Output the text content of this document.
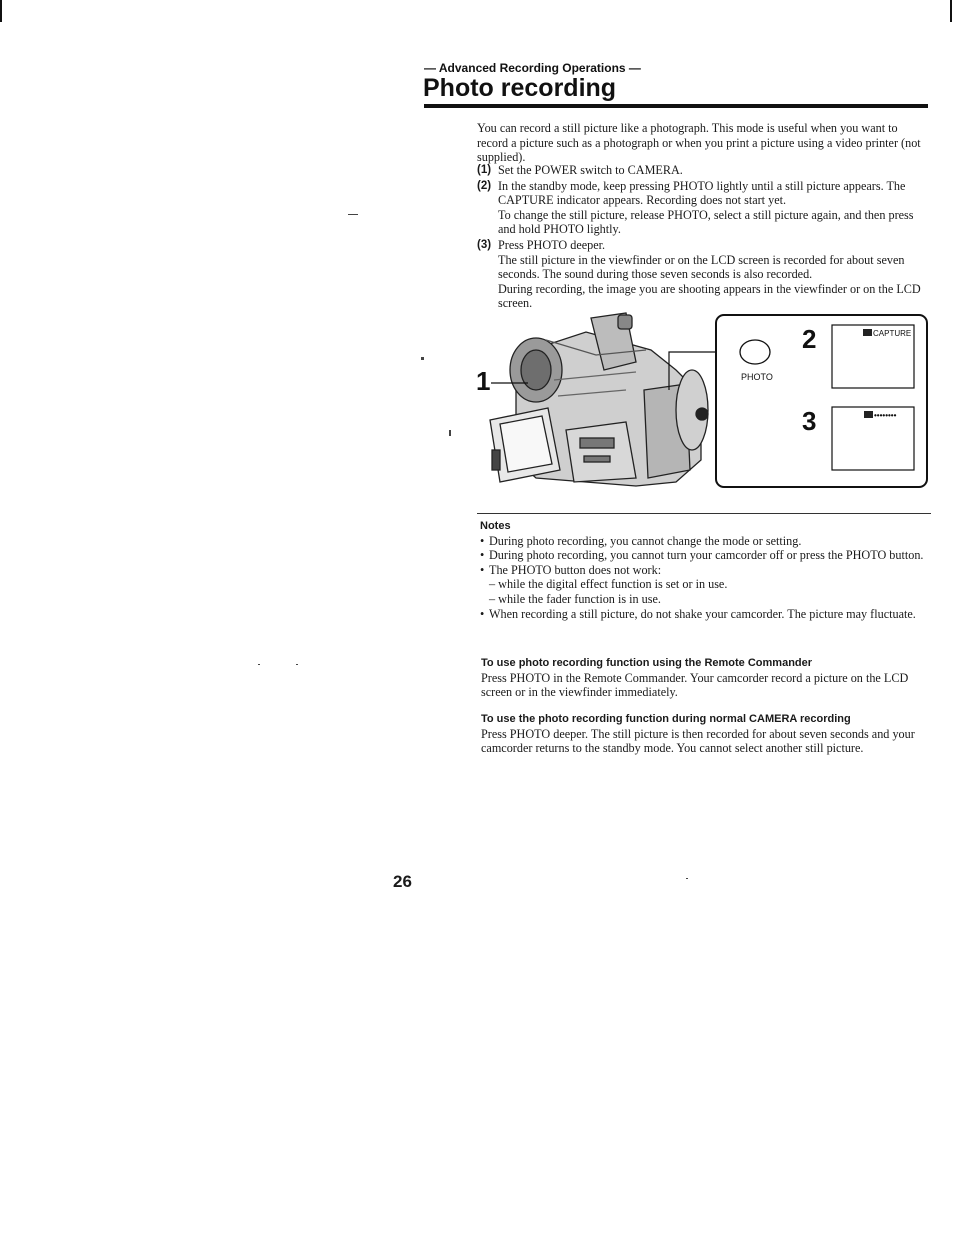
— Advanced Recording Operations —
Photo recording

You can record a still picture like a photograph. This mode is useful when you want to record a picture such as a photograph or when you print a picture using a video printer (not supplied).

(1) Set the POWER switch to CAMERA.

(2) In the standby mode, keep pressing PHOTO lightly until a still picture appears. The CAPTURE indicator appears. Recording does not start yet.

To change the still picture, release PHOTO, select a still picture again, and then press and hold PHOTO lightly.

(3) Press PHOTO deeper.

The still picture in the viewfinder or on the LCD screen is recorded for about seven seconds. The sound during those seven seconds is also recorded.

During recording, the image you are shooting appears in the viewfinder or on the LCD screen.

1	PHOTO
2	CAPTURE
3	••••••••

Notes

• During photo recording, you cannot change the mode or setting.
• During photo recording, you cannot turn your camcorder off or press the PHOTO button.
• The PHOTO button does not work:
– while the digital effect function is set or in use.
– while the fader function is in use.
• When recording a still picture, do not shake your camcorder. The picture may fluctuate.

To use photo recording function using the Remote Commander

Press PHOTO in the Remote Commander. Your camcorder record a picture on the LCD screen or in the viewfinder immediately.

To use the photo recording function during normal CAMERA recording

Press PHOTO deeper. The still picture is then recorded for about seven seconds and your camcorder returns to the standby mode. You cannot select another still picture.

26
